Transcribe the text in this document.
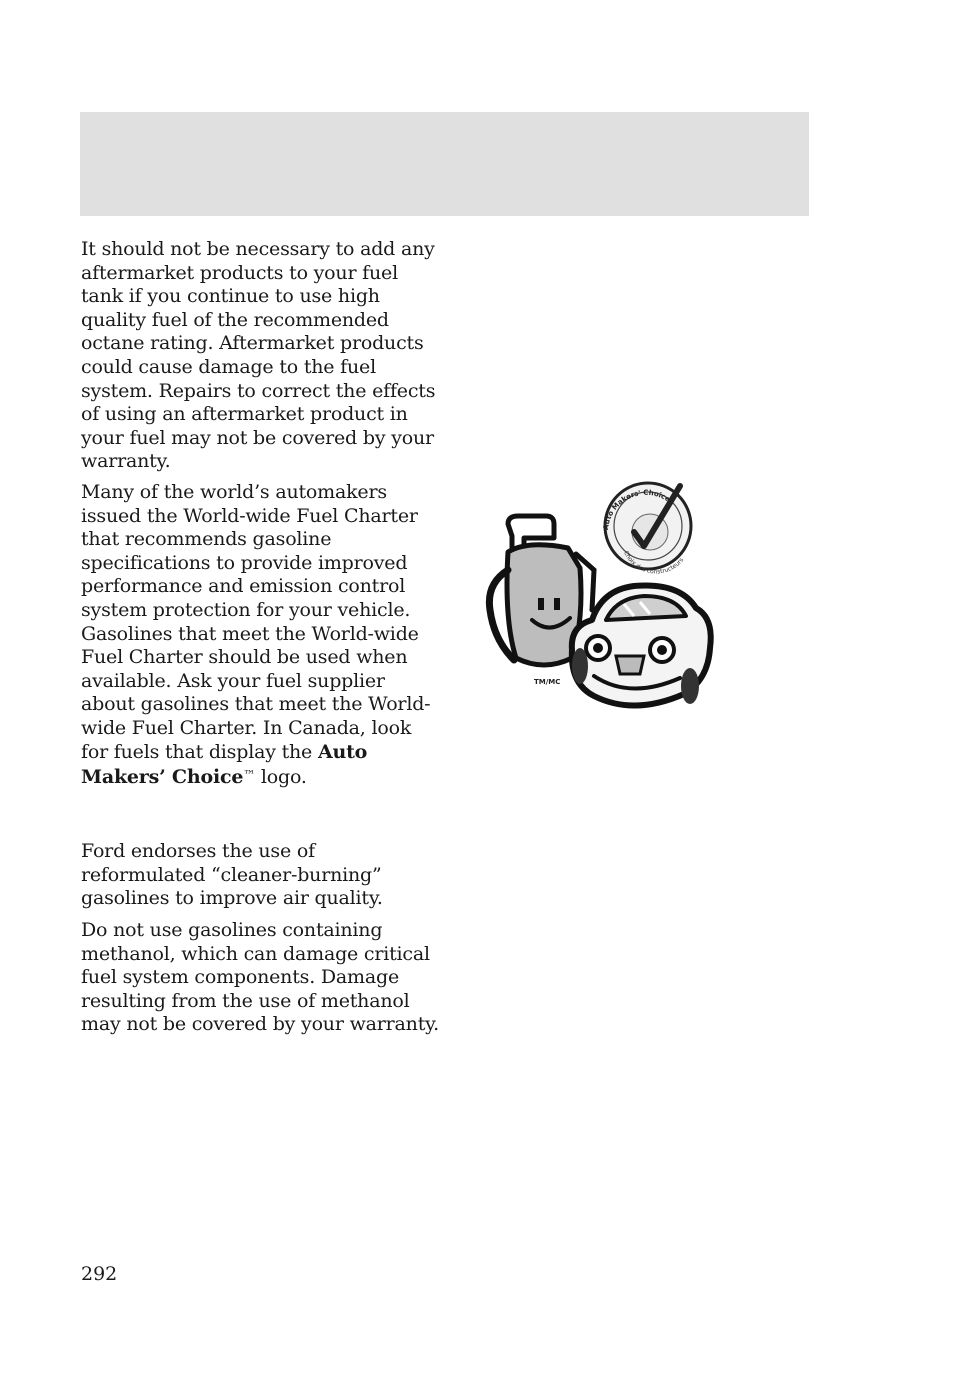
It should not be necessary to add any aftermarket products to your fuel tank if you continue to use high quality fuel of the recommended octane rating. Aftermarket products could cause damage to the fuel system. Repairs to correct the effects of using an aftermarket product in your fuel may not be covered by your warranty.

Many of the world’s automakers issued the World-wide Fuel Charter that recommends gasoline specifications to provide improved performance and emission control system protection for your vehicle. Gasolines that meet the World-wide Fuel Charter should be used when available. Ask your fuel supplier about gasolines that meet the World-wide Fuel Charter. In Canada, look for fuels that display the Auto Makers’ Choice™ logo.

Ford endorses the use of reformulated “cleaner-burning” gasolines to improve air quality.

Do not use gasolines containing methanol, which can damage critical fuel system components. Damage resulting from the use of methanol may not be covered by your warranty.

Auto Makers' Choice
Choix des constructeurs
TM/MC
292
